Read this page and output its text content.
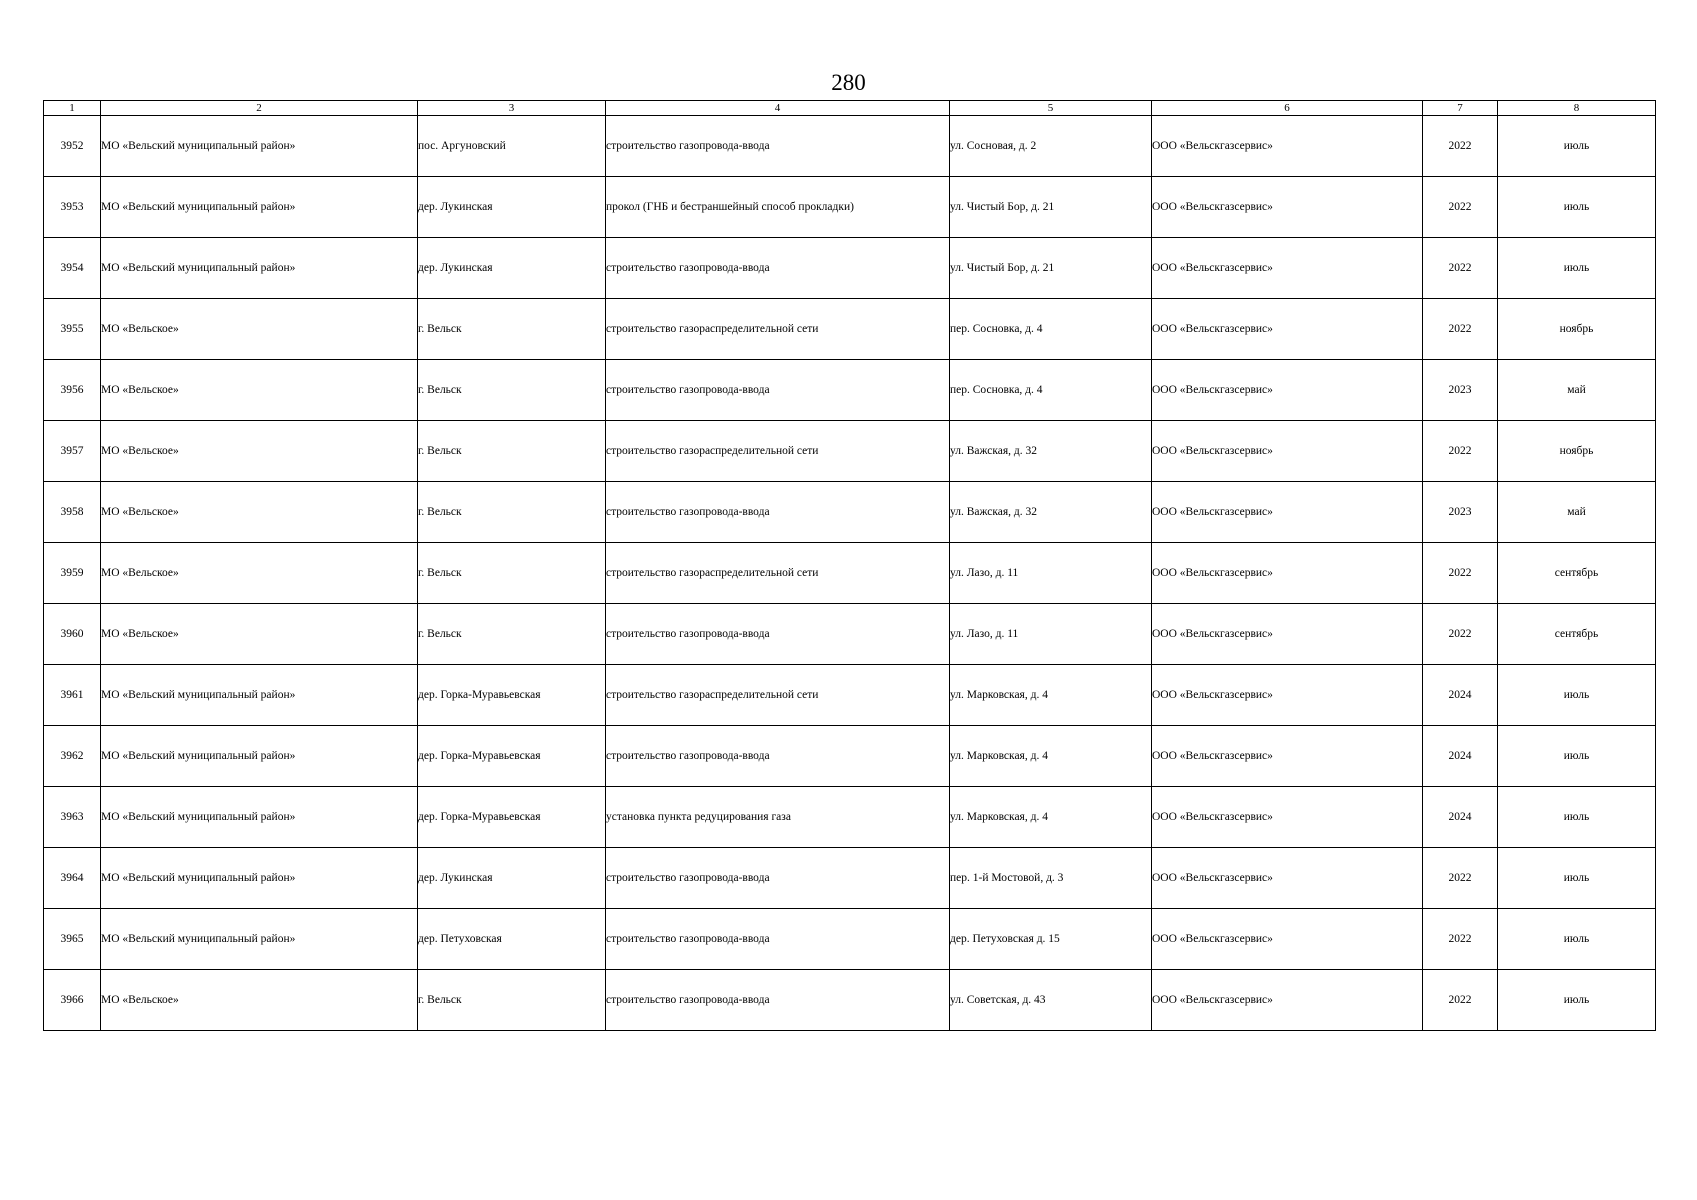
280
1	2	3	4	5	6	7	8
3952	МО «Вельский муниципальный район»	пос. Аргуновский	строительство газопровода-ввода	ул. Сосновая, д. 2	ООО «Вельскгазсервис»	2022	июль
3953	МО «Вельский муниципальный район»	дер. Лукинская	прокол (ГНБ и бестраншейный способ прокладки)	ул. Чистый Бор, д. 21	ООО «Вельскгазсервис»	2022	июль
3954	МО «Вельский муниципальный район»	дер. Лукинская	строительство газопровода-ввода	ул. Чистый Бор, д. 21	ООО «Вельскгазсервис»	2022	июль
3955	МО «Вельское»	г. Вельск	строительство газораспределительной сети	пер. Сосновка, д. 4	ООО «Вельскгазсервис»	2022	ноябрь
3956	МО «Вельское»	г. Вельск	строительство газопровода-ввода	пер. Сосновка, д. 4	ООО «Вельскгазсервис»	2023	май
3957	МО «Вельское»	г. Вельск	строительство газораспределительной сети	ул. Важская, д. 32	ООО «Вельскгазсервис»	2022	ноябрь
3958	МО «Вельское»	г. Вельск	строительство газопровода-ввода	ул. Важская, д. 32	ООО «Вельскгазсервис»	2023	май
3959	МО «Вельское»	г. Вельск	строительство газораспределительной сети	ул. Лазо, д. 11	ООО «Вельскгазсервис»	2022	сентябрь
3960	МО «Вельское»	г. Вельск	строительство газопровода-ввода	ул. Лазо, д. 11	ООО «Вельскгазсервис»	2022	сентябрь
3961	МО «Вельский муниципальный район»	дер. Горка-Муравьевская	строительство газораспределительной сети	ул. Марковская, д. 4	ООО «Вельскгазсервис»	2024	июль
3962	МО «Вельский муниципальный район»	дер. Горка-Муравьевская	строительство газопровода-ввода	ул. Марковская, д. 4	ООО «Вельскгазсервис»	2024	июль
3963	МО «Вельский муниципальный район»	дер. Горка-Муравьевская	установка пункта редуцирования газа	ул. Марковская, д. 4	ООО «Вельскгазсервис»	2024	июль
3964	МО «Вельский муниципальный район»	дер. Лукинская	строительство газопровода-ввода	пер. 1-й Мостовой, д. 3	ООО «Вельскгазсервис»	2022	июль
3965	МО «Вельский муниципальный район»	дер. Петуховская	строительство газопровода-ввода	дер. Петуховская д. 15	ООО «Вельскгазсервис»	2022	июль
3966	МО «Вельское»	г. Вельск	строительство газопровода-ввода	ул. Советская, д. 43	ООО «Вельскгазсервис»	2022	июль
